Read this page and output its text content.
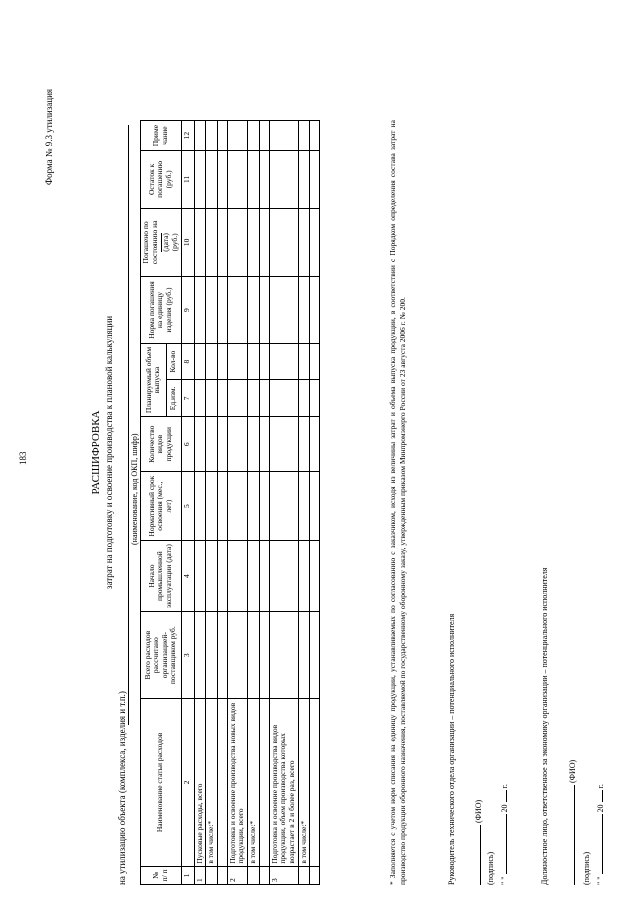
183
Форма № 9.3 утилизация
РАСШИФРОВКА затрат на подготовку и освоение производства к плановой калькуляции
на утилизацию объекта (комплекса, изделия и т.п.)
(наименование, код ОКП, шифр)
№ п/ п	Наименование статьи расходов	Всего расходов рассчитано организацией-поставщиком руб.	Начало промышленной эксплуатации (дата)	Нормативный срок освоения (мес., лет)	Количество видов продукции	Планируемый объем выпуска		Норма погашения на единицу изделия (руб.)	Погашено по состоянию на (дата) (руб.)	Остаток к погашению (руб.)	Приме чание
						Ед.изм.	Кол-во				
1	2	3	4	5	6	7	8	9	10	11	12
1	Пусковые расходы, всего										
	в том числе:*										

2	Подготовка и освоение производства новых видов продукции, всего										
	в том числе:*										

3	Подготовка и освоение производства видов продукции, объем производства которых возрастает в 2 и более раз, всего										
	в том числе:*										
												* Заполняется с учетом норм списания на единицу продукции, устанавливаемых по согласованию с заказчиком, исходя из величины затрат и объема выпуска продукции, в соответствии с Порядком определения состава затрат на производство продукции оборонного назначения, поставляемой по государственному оборонному заказу, утвержденным приказом Минпромэнерго России от 23 августа 2006 г. № 200.	Руководитель технического отдела организации – потенциального исполнителя (ФИО)
(подпись) " "  20  г.	Должностное лицо, ответственное за экономику организации – потенциального исполнителя (ФИО)
(подпись) " "  20  г.
